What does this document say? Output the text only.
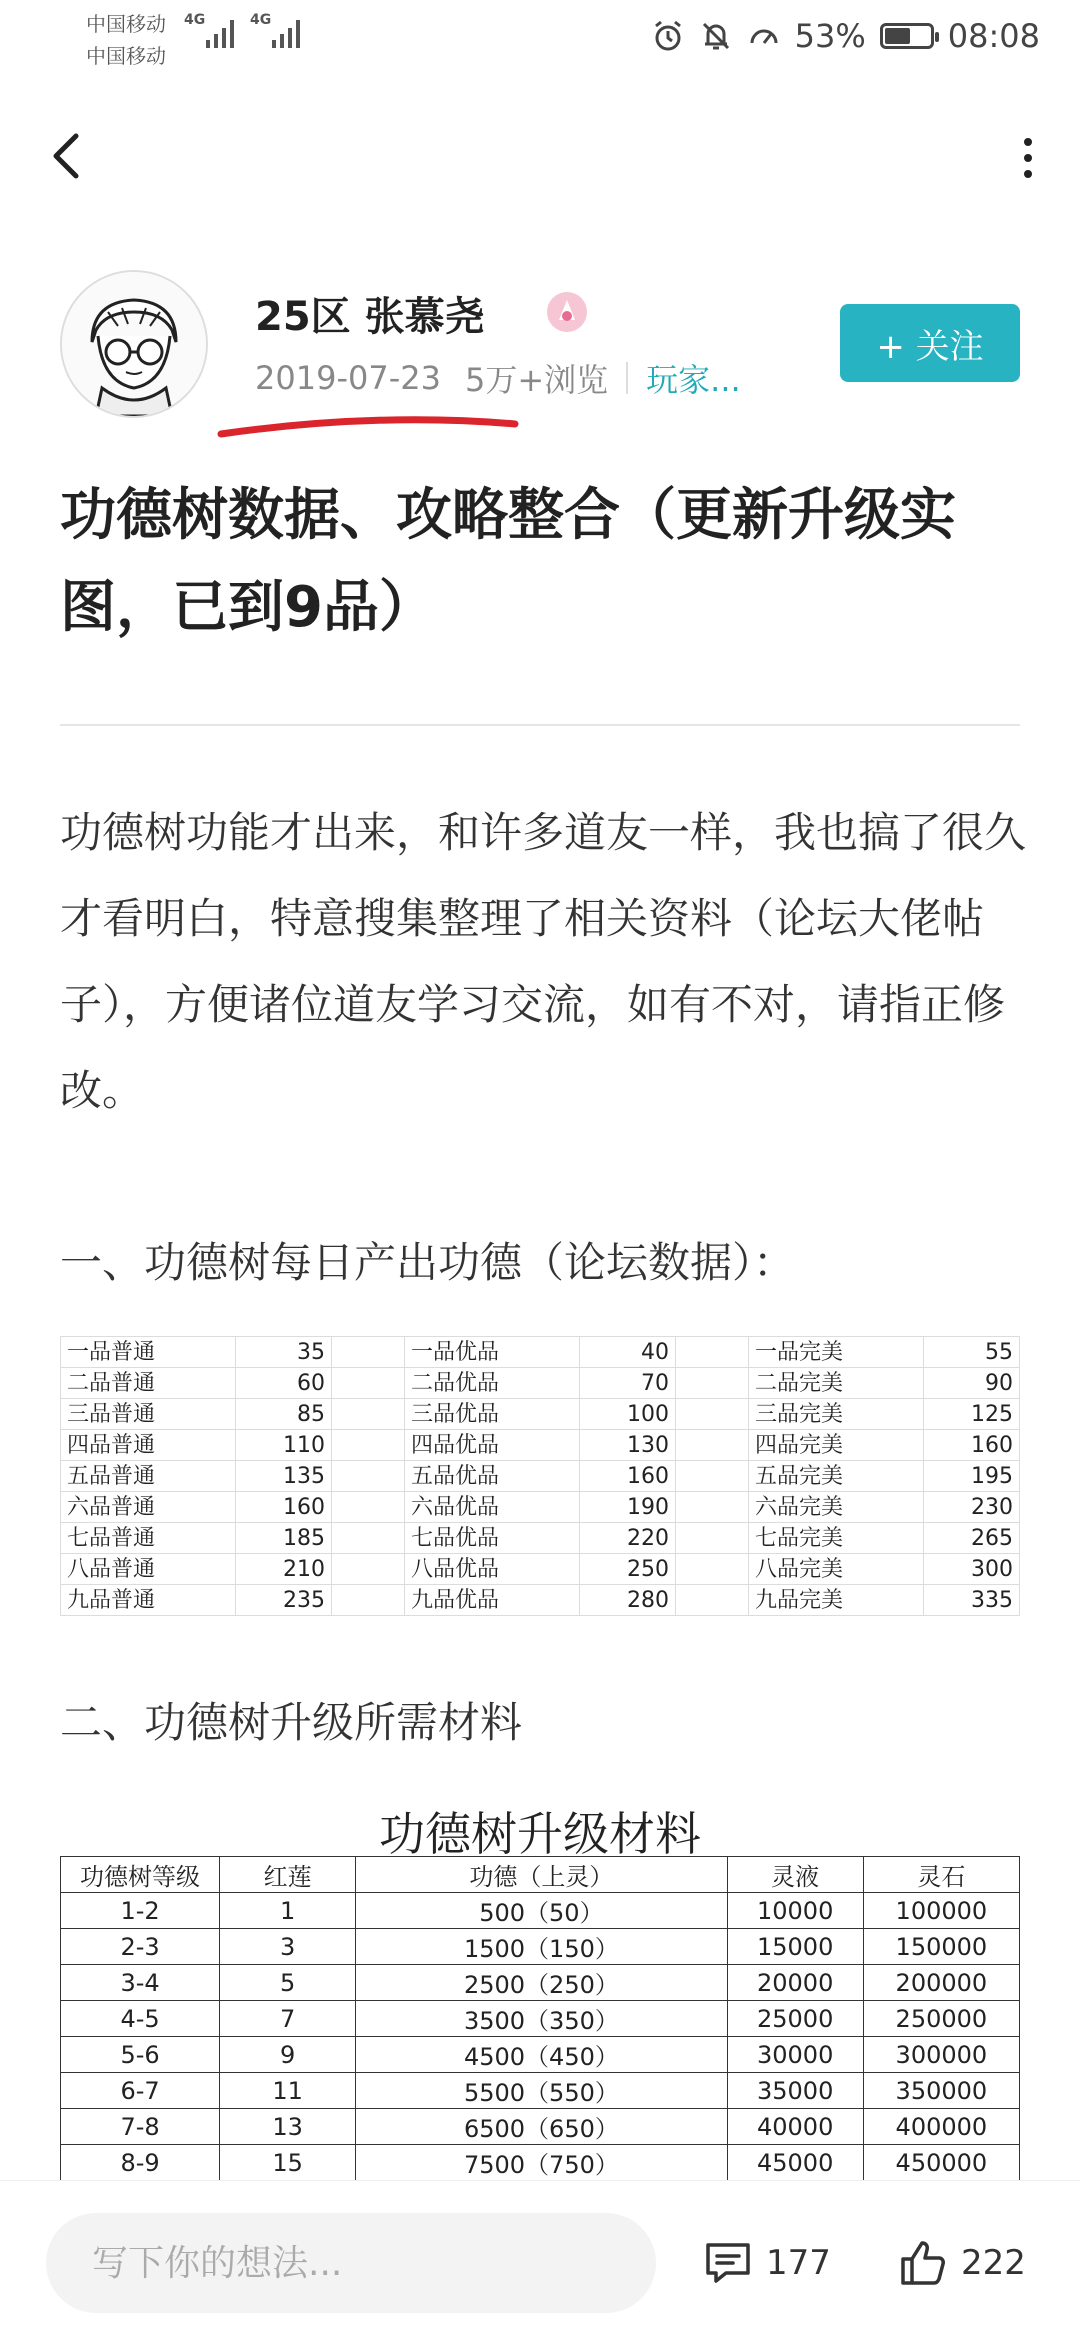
中国移动
中国移动
4G	4G	53%	08:08
25区 张慕尧
2019-07-23 5万+浏览 玩家...
+ 关注
功德树数据、攻略整合（更新升级实图，已到9品）

功德树功能才出来，和许多道友一样，我也搞了很久才看明白，特意搜集整理了相关资料（论坛大佬帖子），方便诸位道友学习交流，如有不对，请指正修改。

一、功德树每日产出功德（论坛数据）：

一品普通	35		一品优品	40		一品完美	55
二品普通	60		二品优品	70		二品完美	90
三品普通	85		三品优品	100		三品完美	125
四品普通	110		四品优品	130		四品完美	160
五品普通	135		五品优品	160		五品完美	195
六品普通	160		六品优品	190		六品完美	230
七品普通	185		七品优品	220		七品完美	265
八品普通	210		八品优品	250		八品完美	300
九品普通	235		九品优品	280		九品完美	335

二、功德树升级所需材料

功德树升级材料
功德树等级	红莲	功德（上灵）	灵液	灵石
1-2	1	500（50）	10000	100000
2-3	3	1500（150）	15000	150000
3-4	5	2500（250）	20000	200000
4-5	7	3500（350）	25000	250000
5-6	9	4500（450）	30000	300000
6-7	11	5500（550）	35000	350000
7-8	13	6500（650）	40000	400000
8-9	15	7500（750）	45000	450000

写下你的想法...
177	222
